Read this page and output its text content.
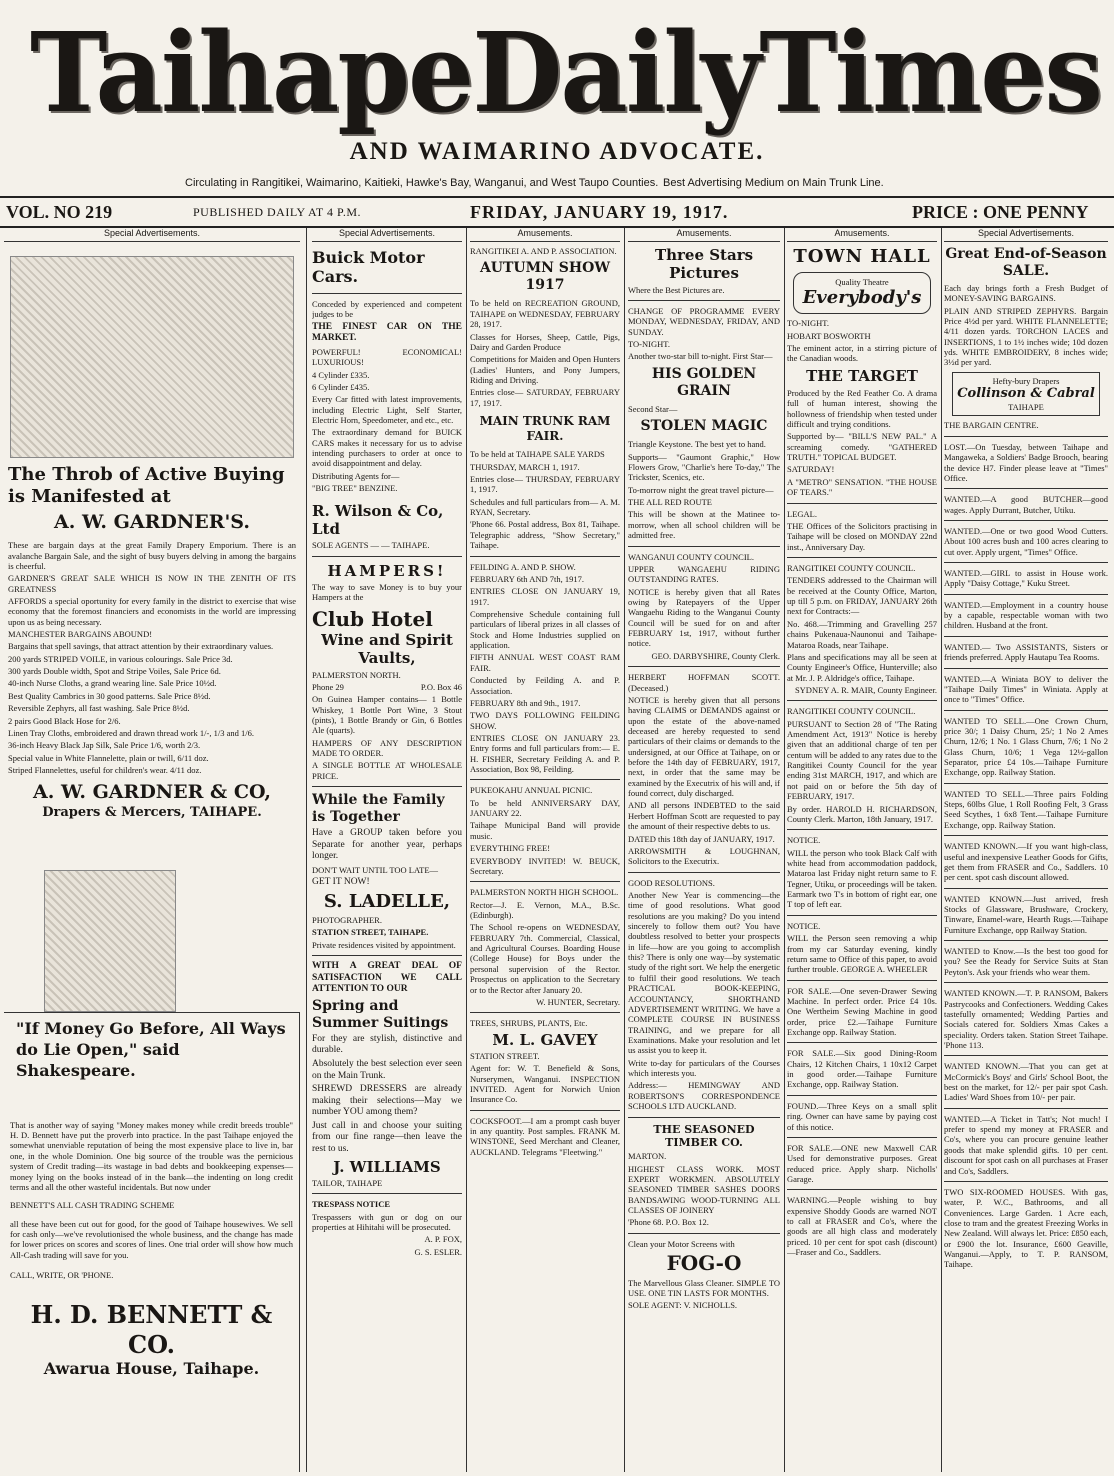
Taihape Daily Times
AND WAIMARINO ADVOCATE.
Circulating in Rangitikei, Waimarino, Kaitieki, Hawke's Bay, Wanganui, and West Taupo Counties. Best Advertising Medium on Main Trunk Line.
VOL. NO 219	PUBLISHED DAILY AT 4 P.M.	FRIDAY, JANUARY 19, 1917.	PRICE : ONE PENNY
Special Advertisements.
The Throb of Active Buying is Manifested at
A. W. GARDNER'S.
These are bargain days at the great Family Drapery Emporium. There is an avalanche Bargain Sale, and the sight of busy buyers delving in among the bargains is cheerful.
GARDNER'S GREAT SALE WHICH IS NOW IN THE ZENITH OF ITS GREATNESS
AFFORDS a special oportunity for every family in the district to exercise that wise economy that the foremost financiers and economists in the world are impressing upon us as being necessary.
MANCHESTER BARGAINS ABOUND!
Bargains that spell savings, that attract attention by their extraordinary values.
200 yards STRIPED VOILE, in various colourings. Sale Price 3d.
300 yards Double width, Spot and Stripe Voiles, Sale Price 6d.
40-inch Nurse Cloths, a grand wearing line. Sale Price 10½d.
Best Quality Cambrics in 30 good patterns. Sale Price 8½d.
Reversible Zephyrs, all fast washing. Sale Price 8½d.
2 pairs Good Black Hose for 2/6.
Linen Tray Cloths, embroidered and drawn thread work 1/-, 1/3 and 1/6.
36-inch Heavy Black Jap Silk, Sale Price 1/6, worth 2/3.
Special value in White Flannelette, plain or twill, 6/11 doz.
Striped Flannelettes, useful for children's wear. 4/11 doz.
A. W. GARDNER & CO,
Drapers & Mercers, TAIHAPE.
"If Money Go Before, All Ways do Lie Open," said Shakespeare.
That is another way of saying "Money makes money while credit breeds trouble" H. D. Bennett have put the proverb into practice. In the past Taihape enjoyed the somewhat unenviable reputation of being the most expensive place to live in, bar one, in the whole Dominion. One big source of the trouble was the pernicious system of Credit trading—its wastage in bad debts and bookkeeping expenses—money lying on the books instead of in the bank—the indenting on long credit terms and all the other wasteful incidentals. But now under
BENNETT'S ALL CASH TRADING SCHEME
all these have been cut out for good, for the good of Taihape housewives. We sell for cash only—we've revolutionised the whole business, and the change has made for lower prices on scores and scores of lines. One trial order will show how much All-Cash trading will save for you.
CALL, WRITE, OR 'PHONE.
H. D. BENNETT & CO.
Awarua House, Taihape.
Special Advertisements.
Buick Motor Cars.
Conceded by experienced and competent judges to be
THE FINEST CAR ON THE MARKET.
POWERFUL! ECONOMICAL! LUXURIOUS!
4 Cylinder £335.
6 Cylinder £435.
Every Car fitted with latest improvements, including Electric Light, Self Starter, Electric Horn, Speedometer, and etc., etc.
The extraordinary demand for BUICK CARS makes it necessary for us to advise intending purchasers to order at once to avoid disappointment and delay.
Distributing Agents for—
"BIG TREE" BENZINE.
R. Wilson & Co, Ltd
SOLE AGENTS — — TAIHAPE.
HAMPERS!
The way to save Money is to buy your Hampers at the
Club Hotel
Wine and Spirit Vaults,
PALMERSTON NORTH.
Phone 29	P.O. Box 46
On Guinea Hamper contains— 1 Bottle Whiskey, 1 Bottle Port Wine, 3 Stout (pints), 1 Bottle Brandy or Gin, 6 Bottles Ale (quarts).
HAMPERS OF ANY DESCRIPTION MADE TO ORDER.
A SINGLE BOTTLE AT WHOLESALE PRICE.
While the Family is Together
Have a GROUP taken before you Separate for another year, perhaps longer.
DON'T WAIT UNTIL TOO LATE—
GET IT NOW!
S. LADELLE,
PHOTOGRAPHER.
STATION STREET, TAIHAPE.
Private residences visited by appointment.
WITH A GREAT DEAL OF SATISFACTION WE CALL ATTENTION TO OUR
Spring and Summer Suitings
For they are stylish, distinctive and durable.
Absolutely the best selection ever seen on the Main Trunk.
SHREWD DRESSERS are already making their selections—May we number YOU among them?
Just call in and choose your suiting from our fine range—then leave the rest to us.
J. WILLIAMS
TAILOR, TAIHAPE
TRESPASS NOTICE
Trespassers with gun or dog on our properties at Hihitahi will be prosecuted.
A. P. FOX,
G. S. ESLER.
Amusements.
RANGITIKEI A. AND P. ASSOCIATION.
AUTUMN SHOW 1917
To be held on RECREATION GROUND, TAIHAPE on WEDNESDAY, FEBRUARY 28, 1917.
Classes for Horses, Sheep, Cattle, Pigs, Dairy and Garden Produce
Competitions for Maiden and Open Hunters (Ladies' Hunters, and Pony Jumpers, Riding and Driving.
Entries close— SATURDAY, FEBRUARY 17, 1917.
MAIN TRUNK RAM FAIR.
To be held at TAIHAPE SALE YARDS
THURSDAY, MARCH 1, 1917.
Entries close— THURSDAY, FEBRUARY 1, 1917.
Schedules and full particulars from— A. M. RYAN, Secretary.
'Phone 66. Postal address, Box 81, Taihape. Telegraphic address, "Show Secretary," Taihape.
FEILDING A. AND P. SHOW.
FEBRUARY 6th AND 7th, 1917.
ENTRIES CLOSE ON JANUARY 19, 1917.
Comprehensive Schedule containing full particulars of liberal prizes in all classes of Stock and Home Industries supplied on application.
FIFTH ANNUAL WEST COAST RAM FAIR.
Conducted by Feilding A. and P. Association.
FEBRUARY 8th and 9th., 1917.
TWO DAYS FOLLOWING FEILDING SHOW.
ENTRIES CLOSE ON JANUARY 23. Entry forms and full particulars from:— E. H. FISHER, Secretary Feilding A. and P. Association, Box 98, Feilding.
PUKEOKAHU ANNUAL PICNIC.
To be held ANNIVERSARY DAY, JANUARY 22.
Taihape Municipal Band will provide music.
EVERYTHING FREE!
EVERYBODY INVITED! W. BEUCK, Secretary.
PALMERSTON NORTH HIGH SCHOOL.
Rector—J. E. Vernon, M.A., B.Sc. (Edinburgh).
The School re-opens on WEDNESDAY, FEBRUARY 7th. Commercial, Classical, and Agricultural Courses. Boarding House (College House) for Boys under the personal supervision of the Rector. Prospectus on application to the Secretary or to the Rector after January 20.
W. HUNTER, Secretary.
TREES, SHRUBS, PLANTS, Etc.
M. L. GAVEY
STATION STREET.
Agent for: W. T. Benefield & Sons, Nurserymen, Wanganui. INSPECTION INVITED. Agent for Norwich Union Insurance Co.
COCKSFOOT.—I am a prompt cash buyer in any quantity. Post samples. FRANK M. WINSTONE, Seed Merchant and Cleaner, AUCKLAND. Telegrams "Fleetwing."
Amusements.
Three Stars Pictures
Where the Best Pictures are.
CHANGE OF PROGRAMME EVERY MONDAY, WEDNESDAY, FRIDAY, AND SUNDAY.
TO-NIGHT.
Another two-star bill to-night. First Star—
HIS GOLDEN GRAIN
Second Star—
STOLEN MAGIC
Triangle Keystone. The best yet to hand.
Supports— "Gaumont Graphic," How Flowers Grow, "Charlie's here To-day," The Trickster, Scenics, etc.
To-morrow night the great travel picture—
THE ALL RED ROUTE
This will be shown at the Matinee to-morrow, when all school children will be admitted free.
WANGANUI COUNTY COUNCIL.
UPPER WANGAEHU RIDING OUTSTANDING RATES.
NOTICE is hereby given that all Rates owing by Ratepayers of the Upper Wangaehu Riding to the Wanganui County Council will be sued for on and after FEBRUARY 1st, 1917, without further notice.
GEO. DARBYSHIRE, County Clerk.
HERBERT HOFFMAN SCOTT. (Deceased.)
NOTICE is hereby given that all persons having CLAIMS or DEMANDS against or upon the estate of the above-named deceased are hereby requested to send particulars of their claims or demands to the undersigned, at our Office at Taihape, on or before the 14th day of FEBRUARY, 1917, next, in order that the same may be examined by the Executrix of his will and, if found correct, duly discharged.
AND all persons INDEBTED to the said Herbert Hoffman Scott are requested to pay the amount of their respective debts to us.
DATED this 18th day of JANUARY, 1917.
ARROWSMITH & LOUGHNAN, Solicitors to the Executrix.
GOOD RESOLUTIONS.
Another New Year is commencing—the time of good resolutions. What good resolutions are you making? Do you intend sincerely to follow them out? You have doubtless resolved to better your prospects in life—how are you going to accomplish this? There is only one way—by systematic study of the right sort. We help the energetic to fulfil their good resolutions. We teach PRACTICAL BOOK-KEEPING, ACCOUNTANCY, SHORTHAND ADVERTISEMENT WRITING. We have a COMPLETE COURSE IN BUSINESS TRAINING, and we prepare for all Examinations. Make your resolution and let us assist you to keep it.
Write to-day for particulars of the Courses which interests you.
Address:— HEMINGWAY AND ROBERTSON'S CORRESPONDENCE SCHOOLS LTD AUCKLAND.
THE SEASONED TIMBER CO.
MARTON.
HIGHEST CLASS WORK. MOST EXPERT WORKMEN. ABSOLUTELY SEASONED TIMBER SASHES DOORS BANDSAWING WOOD-TURNING ALL CLASSES OF JOINERY
'Phone 68. P.O. Box 12.
Clean your Motor Screens with
FOG-O
The Marvellous Glass Cleaner. SIMPLE TO USE. ONE TIN LASTS FOR MONTHS.
SOLE AGENT: V. NICHOLLS.
Amusements.
TOWN HALL
Quality Theatre
Everybody's
TO-NIGHT.
HOBART BOSWORTH
The eminent actor, in a stirring picture of the Canadian woods.
THE TARGET
Produced by the Red Feather Co. A drama full of human interest, showing the hollowness of friendship when tested under difficult and trying conditions.
Supported by— "BILL'S NEW PAL." A screaming comedy. "GATHERED TRUTH." TOPICAL BUDGET.
SATURDAY!
A "METRO" SENSATION. "THE HOUSE OF TEARS."
LEGAL.
THE Offices of the Solicitors practising in Taihape will be closed on MONDAY 22nd inst., Anniversary Day.
RANGITIKEI COUNTY COUNCIL.
TENDERS addressed to the Chairman will be received at the County Office, Marton, up till 5 p.m. on FRIDAY, JANUARY 26th next for Contracts:—
No. 468.—Trimming and Gravelling 257 chains Pukenaua-Naunonui and Taihape-Mataroa Roads, near Taihape.
Plans and specifications may all be seen at County Engineer's Office, Hunterville; also at Mr. J. P. Aldridge's office, Taihape.
SYDNEY A. R. MAIR, County Engineer.
RANGITIKEI COUNTY COUNCIL.
PURSUANT to Section 28 of "The Rating Amendment Act, 1913" Notice is hereby given that an additional charge of ten per centum will be added to any rates due to the Rangitikei County Council for the year ending 31st MARCH, 1917, and which are not paid on or before the 5th day of FEBRUARY, 1917.
By order. HAROLD H. RICHARDSON, County Clerk. Marton, 18th January, 1917.
NOTICE.
WILL the person who took Black Calf with white head from accommodation paddock, Mataroa last Friday night return same to F. Tegner, Utiku, or proceedings will be taken. Earmark two T's in bottom of right ear, one T top of left ear.
NOTICE.
WILL the Person seen removing a whip from my car Saturday evening, kindly return same to Office of this paper, to avoid further trouble. GEORGE A. WHEELER
FOR SALE.—One seven-Drawer Sewing Machine. In perfect order. Price £4 10s. One Wertheim Sewing Machine in good order, price £2.—Taihape Furniture Exchange opp. Railway Station.
FOR SALE.—Six good Dining-Room Chairs, 12 Kitchen Chairs, 1 10x12 Carpet in good order.—Taihape Furniture Exchange, opp. Railway Station.
FOUND.—Three Keys on a small split ring. Owner can have same by paying cost of this notice.
FOR SALE.—ONE new Maxwell CAR Used for demonstrative purposes. Great reduced price. Apply sharp. Nicholls' Garage.
WARNING.—People wishing to buy expensive Shoddy Goods are warned NOT to call at FRASER and Co's, where the goods are all high class and moderately priced. 10 per cent for spot cash (discount)—Fraser and Co., Saddlers.
Special Advertisements.
Great End-of-Season SALE.
Each day brings forth a Fresh Budget of MONEY-SAVING BARGAINS.
PLAIN AND STRIPED ZEPHYRS. Bargain Price 4½d per yard. WHITE FLANNELETTE; 4/11 dozen yards. TORCHON LACES and INSERTIONS, 1 to 1½ inches wide; 10d dozen yds. WHITE EMBROIDERY, 8 inches wide; 3½d per yard.
Hefty-bury Drapers
Collinson & Cabral
TAIHAPE
THE BARGAIN CENTRE.
LOST.—On Tuesday, between Taihape and Mangaweka, a Soldiers' Badge Brooch, bearing the device H7. Finder please leave at "Times" Office.
WANTED.—A good BUTCHER—good wages. Apply Durrant, Butcher, Utiku.
WANTED.—One or two good Wood Cutters. About 100 acres bush and 100 acres clearing to cut over. Apply urgent, "Times" Office.
WANTED.—GIRL to assist in House work. Apply "Daisy Cottage," Kuku Street.
WANTED.—Employment in a country house by a capable, respectable woman with two children. Husband at the front.
WANTED.— Two ASSISTANTS, Sisters or friends preferred. Apply Hautapu Tea Rooms.
WANTED.—A Winiata BOY to deliver the "Taihape Daily Times" in Winiata. Apply at once to "Times" Office.
WANTED TO SELL.—One Crown Churn, price 30/; 1 Daisy Churn, 25/; 1 No 2 Ames Churn, 12/6; 1 No. 1 Glass Churn, 7/6; 1 No 2 Glass Churn, 10/6; 1 Vega 12½-gallon Separator, price £4 10s.—Taihape Furniture Exchange, opp. Railway Station.
WANTED TO SELL.—Three pairs Folding Steps, 60lbs Glue, 1 Roll Roofing Felt, 3 Grass Seed Scythes, 1 6x8 Tent.—Taihape Furniture Exchange, opp. Railway Station.
WANTED KNOWN.—If you want high-class, useful and inexpensive Leather Goods for Gifts, get them from FRASER and Co., Saddlers. 10 per cent. spot cash discount allowed.
WANTED KNOWN.—Just arrived, fresh Stocks of Glassware, Brushware, Crockery, Tinware, Enamel-ware, Hearth Rugs.—Taihape Furniture Exchange, opp Railway Station.
WANTED to Know.—Is the best too good for you? See the Ready for Service Suits at Stan Peyton's. Ask your friends who wear them.
WANTED KNOWN.—T. P. RANSOM, Bakers Pastrycooks and Confectioners. Wedding Cakes tastefully ornamented; Wedding Parties and Socials catered for. Soldiers Xmas Cakes a speciality. Orders taken. Station Street Taihape. 'Phone 113.
WANTED KNOWN.—That you can get at McCormick's Boys' and Girls' School Boot, the best on the market, for 12/- per pair spot Cash. Ladies' Ward Shoes from 10/- per pair.
WANTED.—A Ticket in Tatt's; Not much! I prefer to spend my money at FRASER and Co's, where you can procure genuine leather goods that make splendid gifts. 10 per cent. discount for spot cash on all purchases at Fraser and Co's, Saddlers.
TWO SIX-ROOMED HOUSES. With gas, water, P. W.C., Bathrooms, and all Conveniences. Large Garden. 1 Acre each, close to tram and the greatest Freezing Works in New Zealand. Will always let. Price: £850 each, or £900 the lot. Insurance, £600 Geaville, Wanganui.—Apply, to T. P. RANSOM, Taihape.
